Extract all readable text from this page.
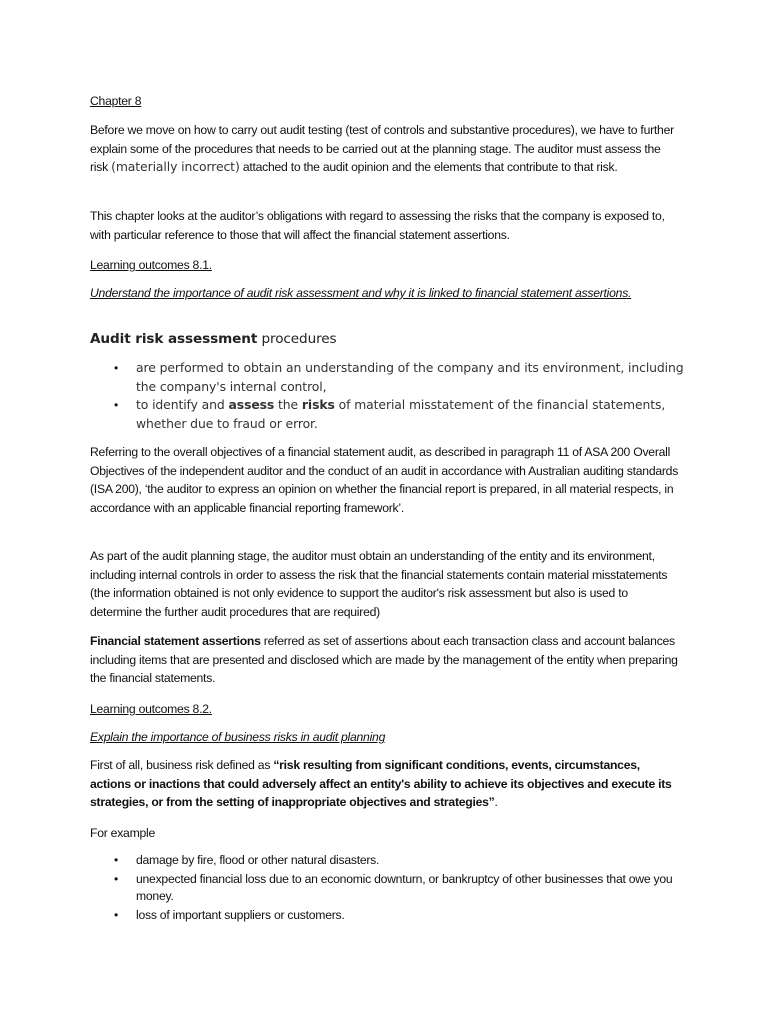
Chapter 8

Before we move on how to carry out audit testing (test of controls and substantive procedures), we have to further explain some of the procedures that needs to be carried out at the planning stage. The auditor must assess the risk (materially incorrect) attached to the audit opinion and the elements that contribute to that risk.

This chapter looks at the auditor’s obligations with regard to assessing the risks that the company is exposed to, with particular reference to those that will affect the financial statement assertions.

Learning outcomes 8.1.

Understand the importance of audit risk assessment and why it is linked to financial statement assertions.

Audit risk assessment procedures

• are performed to obtain an understanding of the company and its environment, including the company's internal control,

• to identify and assess the risks of material misstatement of the financial statements, whether due to fraud or error.

Referring to the overall objectives of a financial statement audit, as described in paragraph 11 of ASA 200 Overall Objectives of the independent auditor and the conduct of an audit in accordance with Australian auditing standards (ISA 200), ‘the auditor to express an opinion on whether the financial report is prepared, in all material respects, in accordance with an applicable financial reporting framework’.

As part of the audit planning stage, the auditor must obtain an understanding of the entity and its environment, including internal controls in order to assess the risk that the financial statements contain material misstatements (the information obtained is not only evidence to support the auditor's risk assessment but also is used to determine the further audit procedures that are required)

Financial statement assertions referred as set of assertions about each transaction class and account balances including items that are presented and disclosed which are made by the management of the entity when preparing the financial statements.

Learning outcomes 8.2.

Explain the importance of business risks in audit planning

First of all, business risk defined as “risk resulting from significant conditions, events, circumstances, actions or inactions that could adversely affect an entity's ability to achieve its objectives and execute its strategies, or from the setting of inappropriate objectives and strategies”.

For example

• damage by fire, flood or other natural disasters.

• unexpected financial loss due to an economic downturn, or bankruptcy of other businesses that owe you money.

• loss of important suppliers or customers.
